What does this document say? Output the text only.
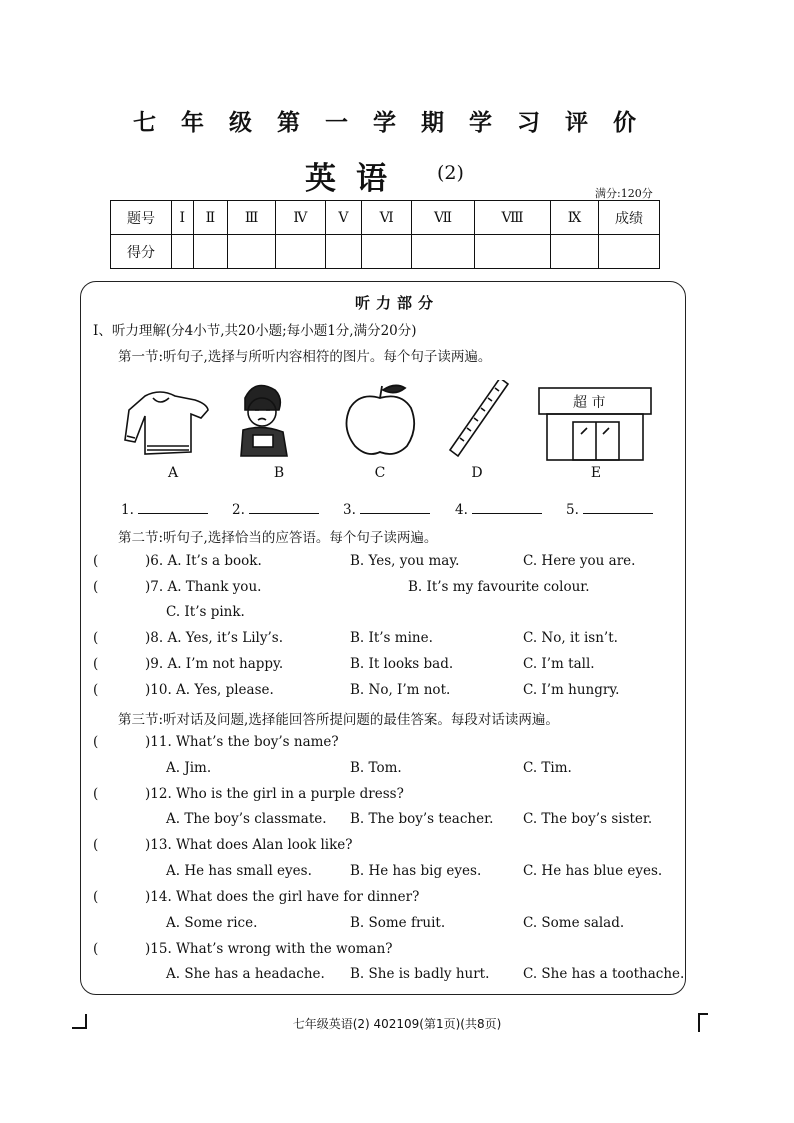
七年级第一学期学习评价
英语 (2)
满分:120分
题号	Ⅰ	Ⅱ	Ⅲ	Ⅳ	Ⅴ	Ⅵ	Ⅶ	Ⅷ	Ⅸ	成绩
得分										
听力部分
Ⅰ、听力理解(分4小节,共20小题;每小题1分,满分20分)
第一节:听句子,选择与所听内容相符的图片。每个句子读两遍。
超 市
A	B	C	D	E
1.	2.	3.	4.	5.
第二节:听句子,选择恰当的应答语。每个句子读两遍。
(	)6. A. It’s a book.	B. Yes, you may.	C. Here you are.
(	)7. A. Thank you.	B. It’s my favourite colour.
C. It’s pink.
(	)8. A. Yes, it’s Lily’s.	B. It’s mine.	C. No, it isn’t.
(	)9. A. I’m not happy.	B. It looks bad.	C. I’m tall.
(	)10. A. Yes, please.	B. No, I’m not.	C. I’m hungry.
第三节:听对话及问题,选择能回答所提问题的最佳答案。每段对话读两遍。
(	)11. What’s the boy’s name?
A. Jim.	B. Tom.	C. Tim.
(	)12. Who is the girl in a purple dress?
A. The boy’s classmate. B. The boy’s teacher. C. The boy’s sister.
(	)13. What does Alan look like?
A. He has small eyes.	B. He has big eyes.	C. He has blue eyes.
(	)14. What does the girl have for dinner?
A. Some rice.	B. Some fruit.	C. Some salad.
(	)15. What’s wrong with the woman?
A. She has a headache. B. She is badly hurt. C. She has a toothache.
七年级英语(2) 402109(第1页)(共8页)
